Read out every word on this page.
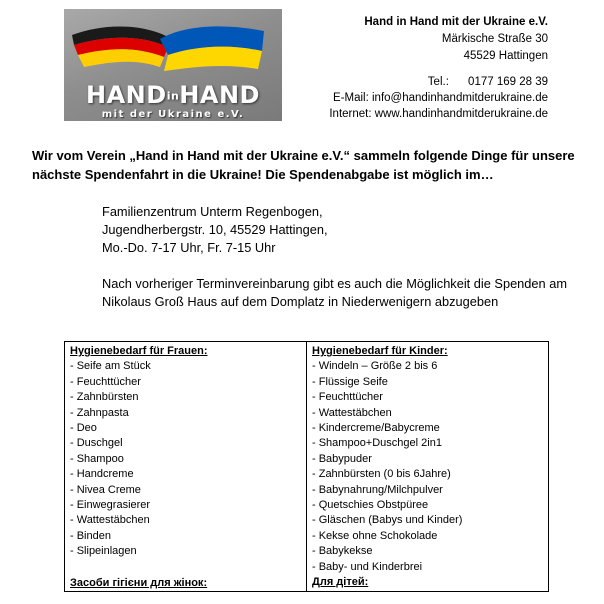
HANDinHAND
mit der Ukraine e.V.
Hand in Hand mit der Ukraine e.V.
Märkische Straße 30
45529 Hattingen
Tel.:      0177 169 28 39
E-Mail: info@handinhandmitderukraine.de
Internet: www.handinhandmitderukraine.de
Wir vom Verein „Hand in Hand mit der Ukraine e.V.“ sammeln folgende Dinge für unsere nächste Spendenfahrt in die Ukraine! Die Spendenabgabe ist möglich im…
Familienzentrum Unterm Regenbogen,
Jugendherbergstr. 10, 45529 Hattingen,
Mo.-Do. 7-17 Uhr, Fr. 7-15 Uhr
Nach vorheriger Terminvereinbarung gibt es auch die Möglichkeit die Spenden am Nikolaus Groß Haus auf dem Domplatz in Niederwenigern abzugeben
Hygienebedarf für Frauen:
- Seife am Stück
- Feuchttücher
- Zahnbürsten
- Zahnpasta
- Deo
- Duschgel
- Shampoo
- Handcreme
- Nivea Creme
- Einwegrasierer
- Wattestäbchen
- Binden
- Slipeinlagen
Засоби гігієни для жінок:

Hygienebedarf für Kinder:
- Windeln – Größe 2 bis 6
- Flüssige Seife
- Feuchttücher
- Wattestäbchen
- Kindercreme/Babycreme
- Shampoo+Duschgel 2in1
- Babypuder
- Zahnbürsten (0 bis 6Jahre)
- Babynahrung/Milchpulver
- Quetschies Obstpüree
- Gläschen (Babys und Kinder)
- Kekse ohne Schokolade
- Babykekse
- Baby- und Kinderbrei
Для дітей:
